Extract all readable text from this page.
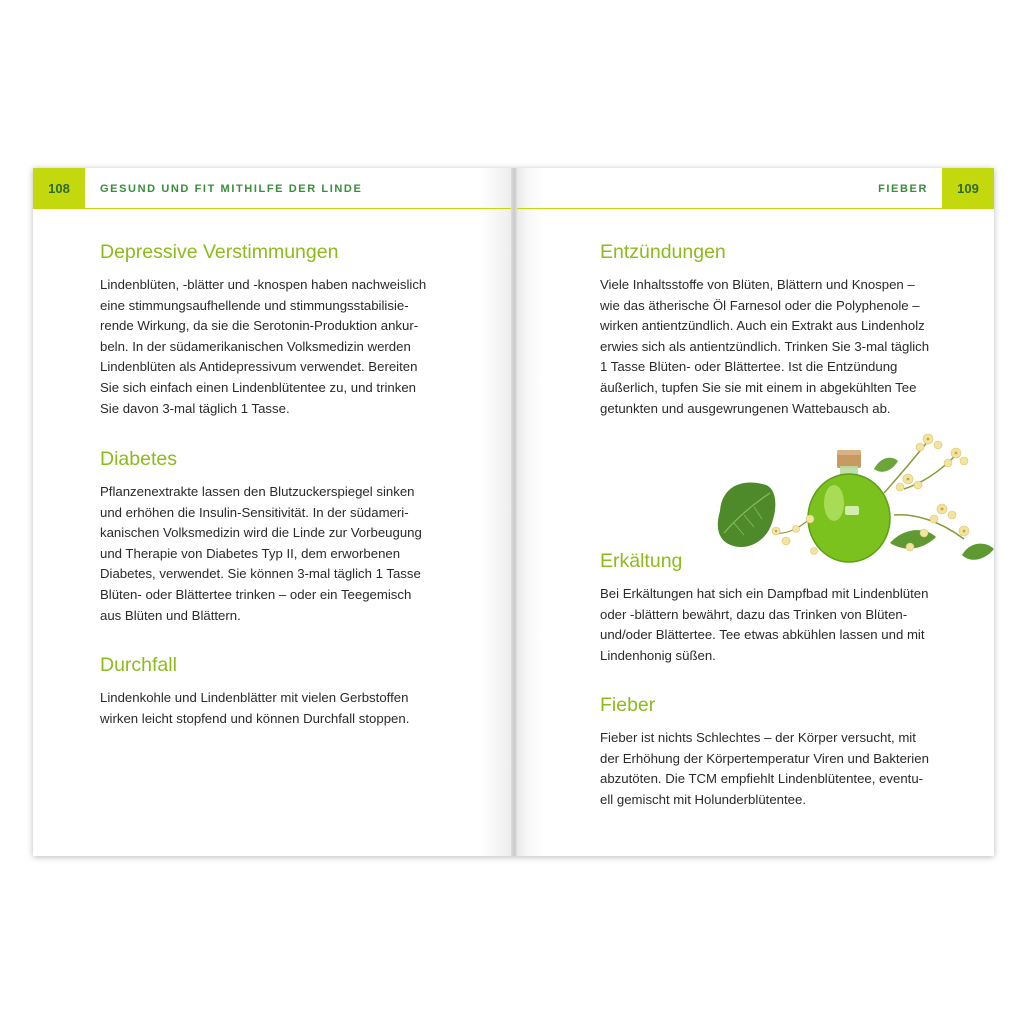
108	GESUND UND FIT MITHILFE DER LINDE
Depressive Verstimmungen

Lindenblüten, -blätter und -knospen haben nachweislich
eine stimmungsaufhellende und stimmungsstabilisie-
rende Wirkung, da sie die Serotonin-Produktion ankur-
beln. In der südamerikanischen Volksmedizin werden
Lindenblüten als Antidepressivum verwendet. Bereiten
Sie sich einfach einen Lindenblütentee zu, und trinken
Sie davon 3-mal täglich 1 Tasse.

Diabetes

Pflanzenextrakte lassen den Blutzuckerspiegel sinken
und erhöhen die Insulin-Sensitivität. In der südameri-
kanischen Volksmedizin wird die Linde zur Vorbeugung
und Therapie von Diabetes Typ II, dem erworbenen
Diabetes, verwendet. Sie können 3-mal täglich 1 Tasse
Blüten- oder Blättertee trinken – oder ein Teegemisch
aus Blüten und Blättern.

Durchfall

Lindenkohle und Lindenblätter mit vielen Gerbstoffen
wirken leicht stopfend und können Durchfall stoppen.

FIEBER	109
Entzündungen

Viele Inhaltsstoffe von Blüten, Blättern und Knospen –
wie das ätherische Öl Farnesol oder die Polyphenole –
wirken antientzündlich. Auch ein Extrakt aus Lindenholz
erwies sich als antientzündlich. Trinken Sie 3-mal täglich
1 Tasse Blüten- oder Blättertee. Ist die Entzündung
äußerlich, tupfen Sie sie mit einem in abgekühlten Tee
getunkten und ausgewrungenen Wattebausch ab.

Erkältung

Bei Erkältungen hat sich ein Dampfbad mit Lindenblüten
oder -blättern bewährt, dazu das Trinken von Blüten-
und/oder Blättertee. Tee etwas abkühlen lassen und mit
Lindenhonig süßen.

Fieber

Fieber ist nichts Schlechtes – der Körper versucht, mit
der Erhöhung der Körpertemperatur Viren und Bakterien
abzutöten. Die TCM empfiehlt Lindenblütentee, eventu-
ell gemischt mit Holunderblütentee.
